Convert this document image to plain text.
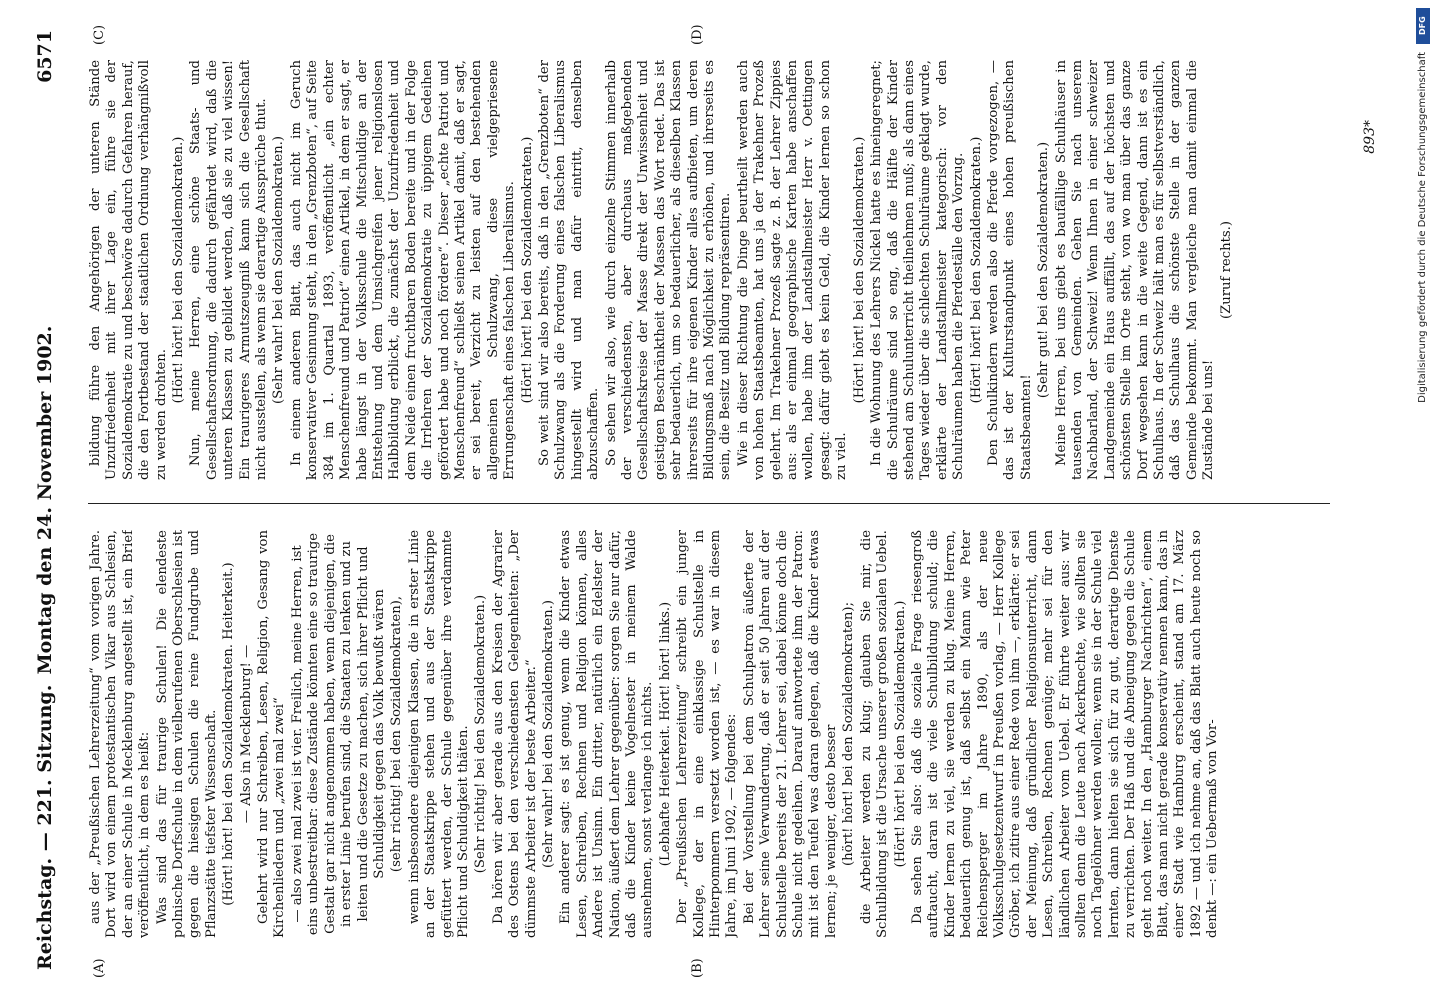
Reichstag. — 221. Sitzung.
Montag den 24. November 1902.
6571
(A)	(B)
(C)	(D)

aus der „Preußischen Lehrerzeitung“ vom vorigen Jahre. Dort wird von einem protestantischen Vikar aus Schlesien, der an einer Schule in Mecklenburg angestellt ist, ein Brief veröffentlicht, in dem es heißt: Was sind das für traurige Schulen! Die elendeste polnische Dorfschule in dem vielberufenen Oberschlesien ist gegen die hiesigen Schulen die reine Fundgrube und Pflanzstätte tiefster Wissenschaft. (Hört! hört! bei den Sozialdemokraten. Heiterkeit.) — Also in Mecklenburg! — Gelehrt wird nur Schreiben, Lesen, Religion, Gesang von Kirchenliedern und „zwei mal zwei“ — also zwei mal zwei ist vier. Freilich, meine Herren, ist eins unbestreitbar: diese Zustände könnten eine so traurige Gestalt gar nicht angenommen haben, wenn diejenigen, die in erster Linie berufen sind, die Staaten zu lenken und zu leiten und die Gesetze zu machen, sich ihrer Pflicht und Schuldigkeit gegen das Volk bewußt wären (sehr richtig! bei den Sozialdemokraten), wenn insbesondere diejenigen Klassen, die in erster Linie an der Staatskrippe stehen und aus der Staatskrippe gefüttert werden, der Schule gegenüber ihre verdammte Pflicht und Schuldigkeit thäten. (Sehr richtig! bei den Sozialdemokraten.) Da hören wir aber gerade aus den Kreisen der Agrarier des Ostens bei den verschiedensten Gelegenheiten: „Der dümmste Arbeiter ist der beste Arbeiter.“ (Sehr wahr! bei den Sozialdemokraten.) Ein anderer sagt: es ist genug, wenn die Kinder etwas Lesen, Schreiben, Rechnen und Religion können, alles Andere ist Unsinn. Ein dritter, natürlich ein Edelster der Nation, äußert dem Lehrer gegenüber: sorgen Sie nur dafür, daß die Kinder keine Vogelnester in meinem Walde ausnehmen, sonst verlange ich nichts. (Lebhafte Heiterkeit. Hört! hört! links.) Der „Preußischen Lehrerzeitung“ schreibt ein junger Kollege, der in eine einklassige Schulstelle in Hinterpommern versetzt worden ist, — es war in diesem Jahre, im Juni 1902, — folgendes: Bei der Vorstellung bei dem Schulpatron äußerte der Lehrer seine Verwunderung, daß er seit 50 Jahren auf der Schulstelle bereits der 21. Lehrer sei, dabei könne doch die Schule nicht gedeihen. Darauf antwortete ihm der Patron: mit ist den Teufel was daran gelegen, daß die Kinder etwas lernen; je weniger, desto besser (hört! hört! bei den Sozialdemokraten); die Arbeiter werden zu klug; glauben Sie mir, die Schulbildung ist die Ursache unserer großen sozialen Uebel. (Hört! hört! bei den Sozialdemokraten.) Da sehen Sie also: daß die soziale Frage riesengroß auftaucht, daran ist die viele Schulbildung schuld; die Kinder lernen zu viel, sie werden zu klug. Meine Herren, bedauerlich genug ist, daß selbst ein Mann wie Peter Reichensperger im Jahre 1890, als der neue Volksschulgesetzentwurf in Preußen vorlag, — Herr Kollege Gröber, ich zitire aus einer Rede von ihm —, erklärte: er sei der Meinung, daß gründlicher Religionsunterricht, dann Lesen, Schreiben, Rechnen genüge; mehr sei für den ländlichen Arbeiter vom Uebel. Er führte weiter aus: wir sollten denn die Leute nach Ackerknechte, wie sollten sie noch Tagelöhner werden wollen; wenn sie in der Schule viel lernten, dann hielten sie sich für zu gut, derartige Dienste zu verrichten. Der Haß und die Abneigung gegen die Schule geht noch weiter. In den „Hamburger Nachrichten“, einem Blatt, das man nicht gerade konservativ nennen kann, das in einer Stadt wie Hamburg erscheint, stand am 17. März 1892 — und ich nehme an, daß das Blatt auch heute noch so denkt —: ein Uebermaß von Vor-

bildung führe den Angehörigen der unteren Stände Unzufriedenheit mit ihrer Lage ein, führe sie der Sozialdemokratie zu und beschwöre dadurch Gefahren herauf, die den Fortbestand der staatlichen Ordnung verhängnißvoll zu werden drohten.

(Hört! hört! bei den Sozialdemokraten.) Nun, meine Herren, eine schöne Staats- und Gesellschaftsordnung, die dadurch gefährdet wird, daß die unteren Klassen zu gebildet werden, daß sie zu viel wissen! Ein traurigeres Armutszeugniß kann sich die Gesellschaft nicht ausstellen, als wenn sie derartige Aussprüche thut. (Sehr wahr! bei den Sozialdemokraten.) In einem anderen Blatt, das auch nicht im Geruch konservativer Gesinnung steht, in den „Grenzboten“, auf Seite 384 im 1. Quartal 1893, veröffentlicht „ein echter Menschenfreund und Patriot“ einen Artikel, in dem er sagt, er habe längst in der Volksschule die Mitschuldige an der Entstehung und dem Umsichgreifen jener religionslosen Halbbildung erblickt, die zunächst der Unzufriedenheit und dem Neide einen fruchtbaren Boden bereite und in der Folge die Irrlehren der Sozialdemokratie zu üppigem Gedeihen gefördert habe und noch fördere“. Dieser „echte Patriot und Menschenfreund“ schließt seinen Artikel damit, daß er sagt, er sei bereit, Verzicht zu leisten auf den bestehenden allgemeinen Schulzwang, diese vielgepriesene Errungenschaft eines falschen Liberalismus. (Hört! hört! bei den Sozialdemokraten.) So weit sind wir also bereits, daß in den „Grenzboten“ der Schulzwang als die Forderung eines falschen Liberalismus hingestellt wird und man dafür eintritt, denselben abzuschaffen. So sehen wir also, wie durch einzelne Stimmen innerhalb der verschiedensten, aber durchaus maßgebenden Gesellschaftskreise der Masse direkt der Unwissenheit und geistigen Beschränktheit der Massen das Wort redet. Das ist sehr bedauerlich, um so bedauerlicher, als dieselben Klassen ihrerseits für ihre eigenen Kinder alles aufbieten, um deren Bildungsmaß nach Möglichkeit zu erhöhen, und ihrerseits es sein, die Besitz und Bildung repräsentiren. Wie in dieser Richtung die Dinge beurtheilt werden auch von hohen Staatsbeamten, hat uns ja der Trakehner Prozeß gelehrt. Im Trakehner Prozeß sagte z. B. der Lehrer Zippies aus: als er einmal geographische Karten habe anschaffen wollen, habe ihm der Landstallmeister Herr v. Oettingen gesagt: dafür giebt es kein Geld, die Kinder lernen so schon zu viel.

(Hört! hört! bei den Sozialdemokraten.) In die Wohnung des Lehrers Nickel hatte es hineingeregnet; die Schulräume sind so eng, daß die Hälfte der Kinder stehend am Schulunterricht theilnehmen muß; als dann eines Tages wieder über die schlechten Schulräume geklagt wurde, erklärte der Landstallmeister kategorisch: vor den Schulräumen haben die Pferdeställe den Vorzug. (Hört! hört! bei den Sozialdemokraten.) Den Schulkindern werden also die Pferde vorgezogen, — das ist der Kulturstandpunkt eines hohen preußischen Staatsbeamten!

(Sehr gut! bei den Sozialdemokraten.) Meine Herren, bei uns giebt es baufällige Schulhäuser in tausenden von Gemeinden. Gehen Sie nach unserem Nachbarland, der Schweiz! Wenn Ihnen in einer schweizer Landgemeinde ein Haus auffällt, das auf der höchsten und schönsten Stelle im Orte steht, von wo man über das ganze Dorf wegsehen kann in die weite Gegend, dann ist es ein Schulhaus. In der Schweiz hält man es für selbstverständlich, daß das Schulhaus die schönste Stelle in der ganzen Gemeinde bekommt. Man vergleiche man damit einmal die Zustände bei uns!

(Zuruf rechts.)

893*
DFG
Digitalisierung gefördert durch die Deutsche Forschungsgemeinschaft
